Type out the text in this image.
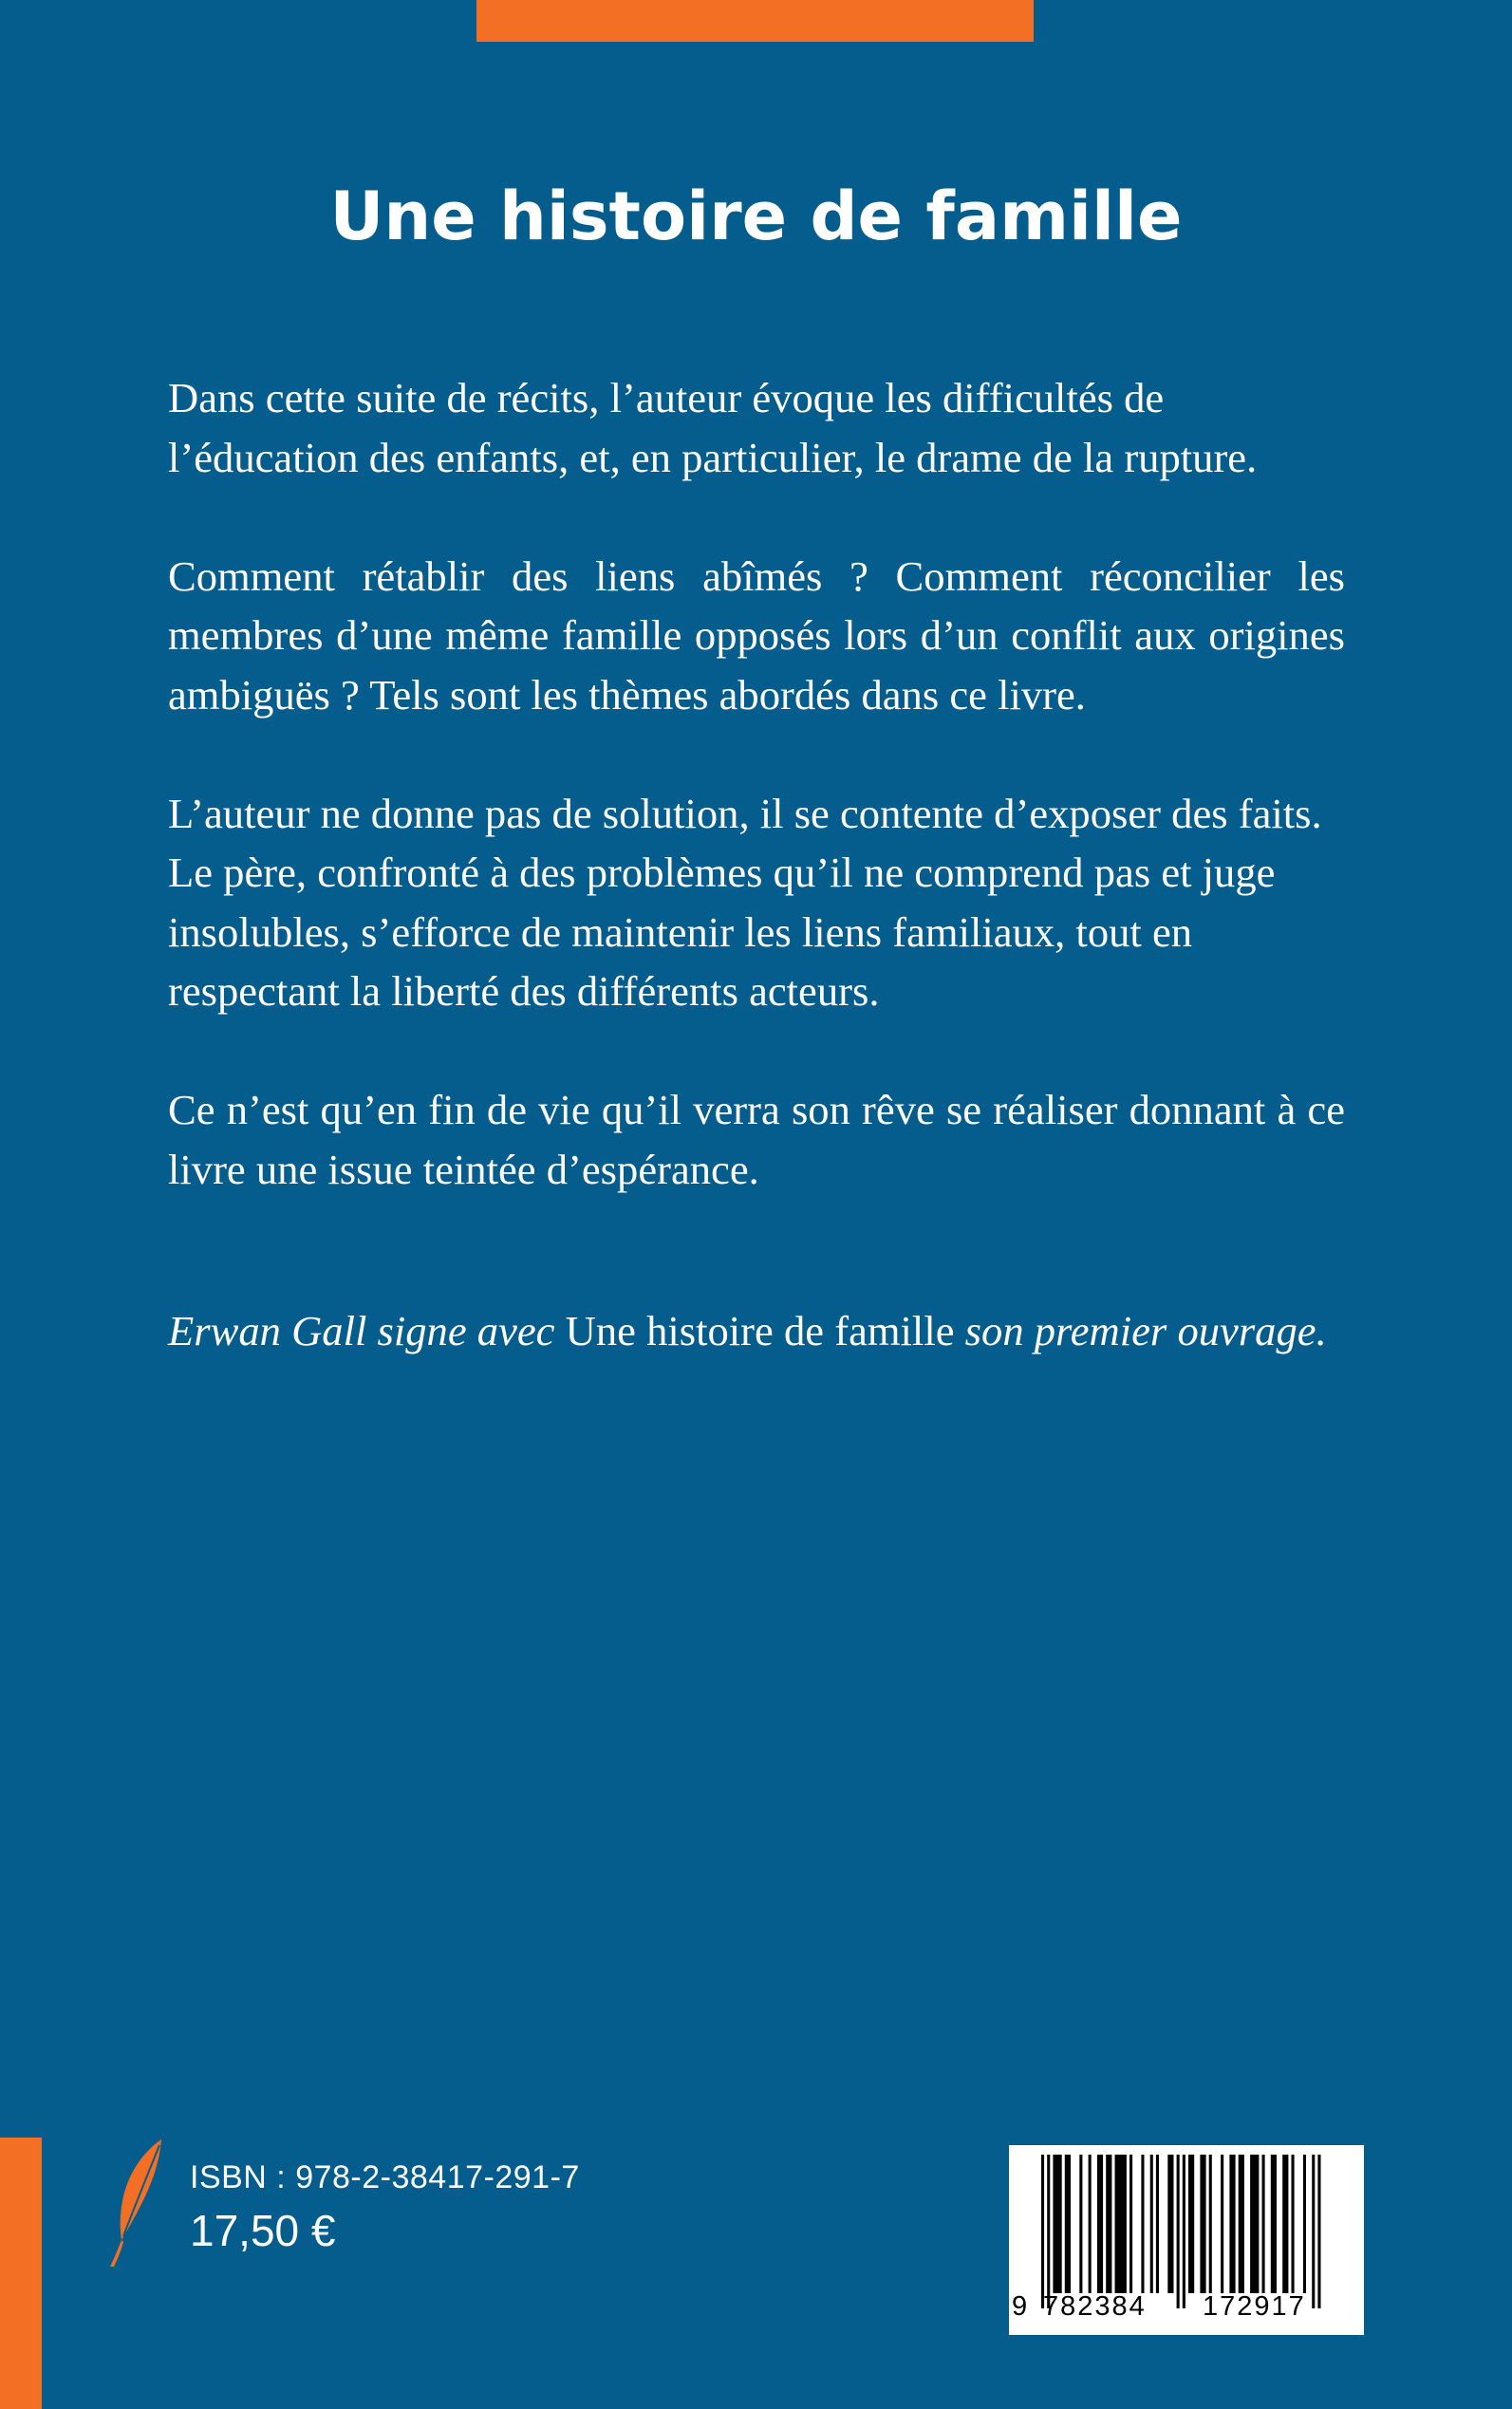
Une histoire de famille

Dans cette suite de récits, l’auteur évoque les difficultés de l’éducation des enfants, et, en particulier, le drame de la rupture.

Comment rétablir des liens abîmés ? Comment réconcilier les membres d’une même famille opposés lors d’un conflit aux origines ambiguës ? Tels sont les thèmes abordés dans ce livre.

L’auteur ne donne pas de solution, il se contente d’exposer des faits. Le père, confronté à des problèmes qu’il ne comprend pas et juge insolubles, s’efforce de maintenir les liens familiaux, tout en respectant la liberté des différents acteurs.

Ce n’est qu’en fin de vie qu’il verra son rêve se réaliser donnant à ce livre une issue teintée d’espérance.

Erwan Gall signe avec Une histoire de famille son premier ouvrage.

ISBN : 978-2-38417-291-7
17,50 €
9 782384 172917
